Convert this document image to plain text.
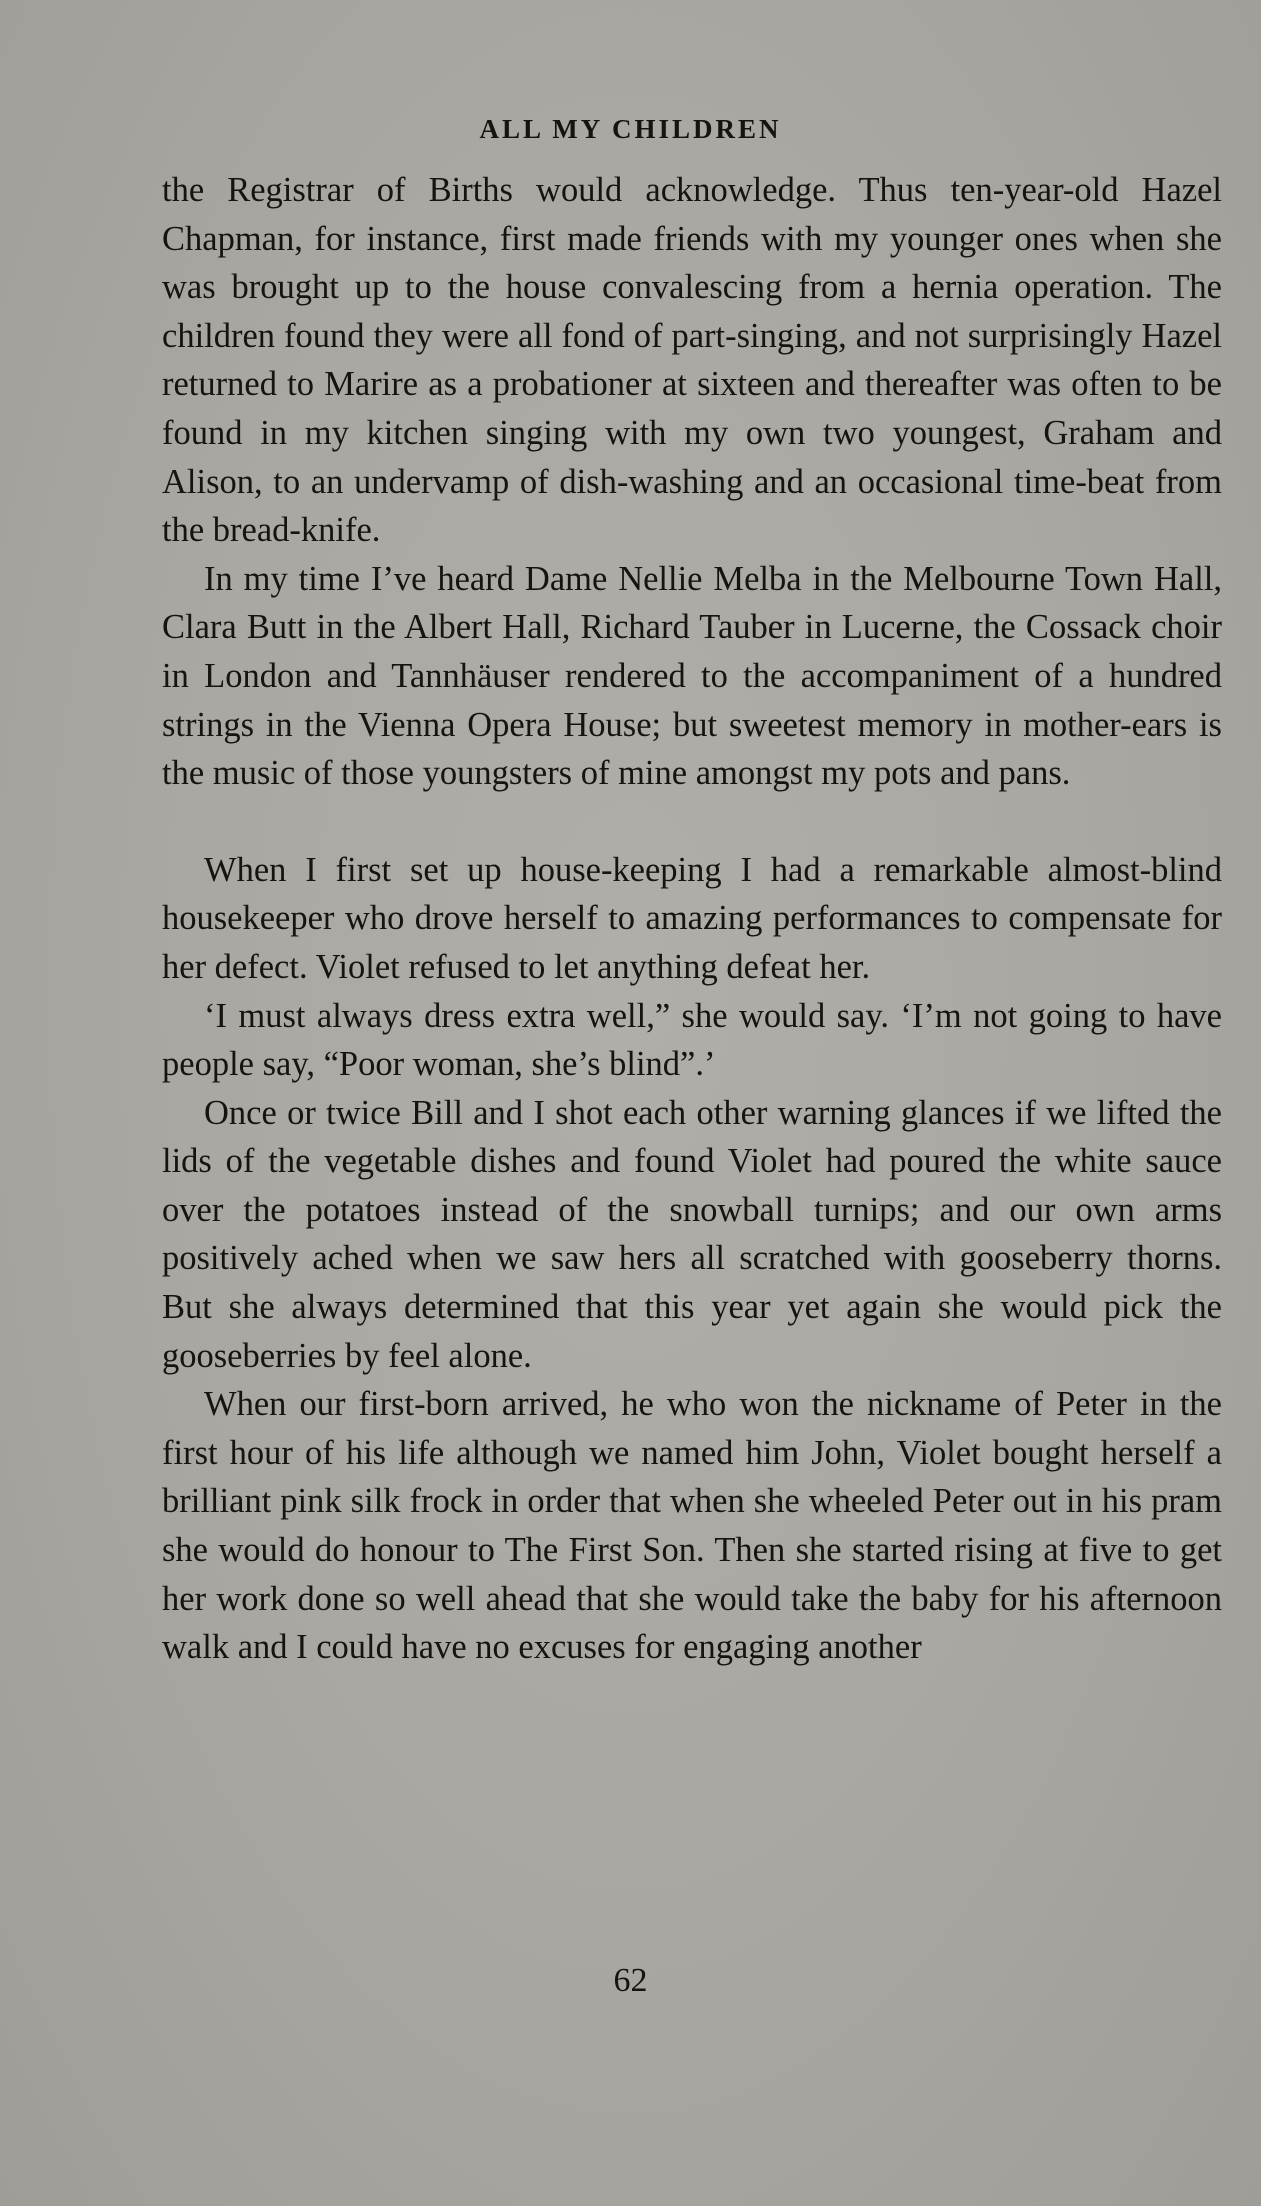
ALL MY CHILDREN

the Registrar of Births would acknowledge. Thus ten-year-old Hazel Chapman, for instance, first made friends with my younger ones when she was brought up to the house convalescing from a hernia operation. The children found they were all fond of part-singing, and not surprisingly Hazel returned to Marire as a probationer at sixteen and thereafter was often to be found in my kitchen singing with my own two youngest, Graham and Alison, to an undervamp of dish-washing and an occasional time-beat from the bread-knife.

In my time I’ve heard Dame Nellie Melba in the Melbourne Town Hall, Clara Butt in the Albert Hall, Richard Tauber in Lucerne, the Cossack choir in London and Tannhäuser rendered to the accompaniment of a hundred strings in the Vienna Opera House; but sweetest memory in mother-ears is the music of those youngsters of mine amongst my pots and pans.

When I first set up house-keeping I had a remarkable almost-blind housekeeper who drove herself to amazing performances to compensate for her defect. Violet refused to let anything defeat her.

‘I must always dress extra well,” she would say. ‘I’m not going to have people say, “Poor woman, she’s blind”.’

Once or twice Bill and I shot each other warning glances if we lifted the lids of the vegetable dishes and found Violet had poured the white sauce over the potatoes instead of the snowball turnips; and our own arms positively ached when we saw hers all scratched with gooseberry thorns. But she always determined that this year yet again she would pick the gooseberries by feel alone.

When our first-born arrived, he who won the nickname of Peter in the first hour of his life although we named him John, Violet bought herself a brilliant pink silk frock in order that when she wheeled Peter out in his pram she would do honour to The First Son. Then she started rising at five to get her work done so well ahead that she would take the baby for his afternoon walk and I could have no excuses for engaging another

62
